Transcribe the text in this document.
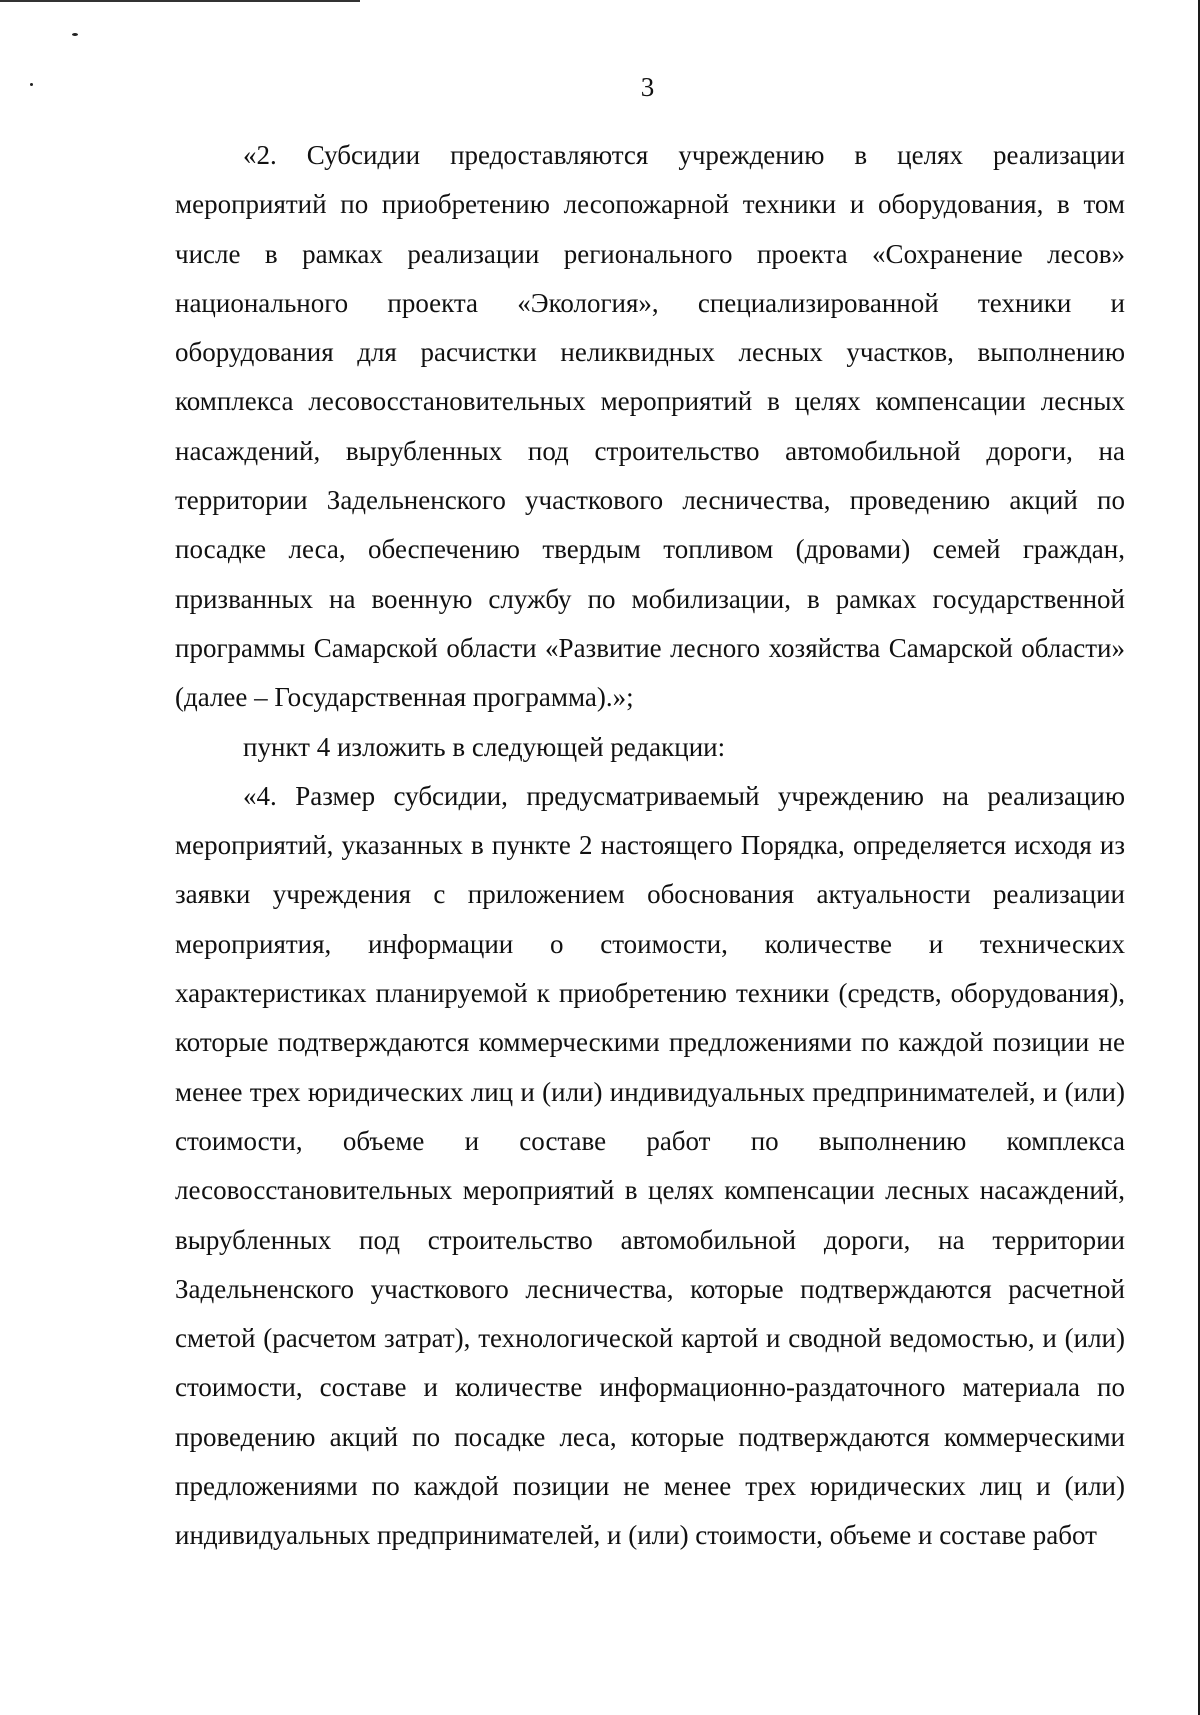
3

«2. Субсидии предоставляются учреждению в целях реализации мероприятий по приобретению лесопожарной техники и оборудования, в том числе в рамках реализации регионального проекта «Сохранение лесов» национального проекта «Экология», специализированной техники и оборудования для расчистки неликвидных лесных участков, выполнению комплекса лесовосстановительных мероприятий в целях компенсации лесных насаждений, вырубленных под строительство автомобильной дороги, на территории Задельненского участкового лесничества, проведению акций по посадке леса, обеспечению твердым топливом (дровами) семей граждан, призванных на военную службу по мобилизации, в рамках государственной программы Самарской области «Развитие лесного хозяйства Самарской области» (далее – Государственная программа).»;

пункт 4 изложить в следующей редакции:

«4. Размер субсидии, предусматриваемый учреждению на реализацию мероприятий, указанных в пункте 2 настоящего Порядка, определяется исходя из заявки учреждения с приложением обоснования актуальности реализации мероприятия, информации о стоимости, количестве и технических характеристиках планируемой к приобретению техники (средств, оборудования), которые подтверждаются коммерческими предложениями по каждой позиции не менее трех юридических лиц и (или) индивидуальных предпринимателей, и (или) стоимости, объеме и составе работ по выполнению комплекса лесовосстановительных мероприятий в целях компенсации лесных насаждений, вырубленных под строительство автомобильной дороги, на территории Задельненского участкового лесничества, которые подтверждаются расчетной сметой (расчетом затрат), технологической картой и сводной ведомостью, и (или) стоимости, составе и количестве информационно-раздаточного материала по проведению акций по посадке леса, которые подтверждаются коммерческими предложениями по каждой позиции не менее трех юридических лиц и (или) индивидуальных предпринимателей, и (или) стоимости, объеме и составе работ
